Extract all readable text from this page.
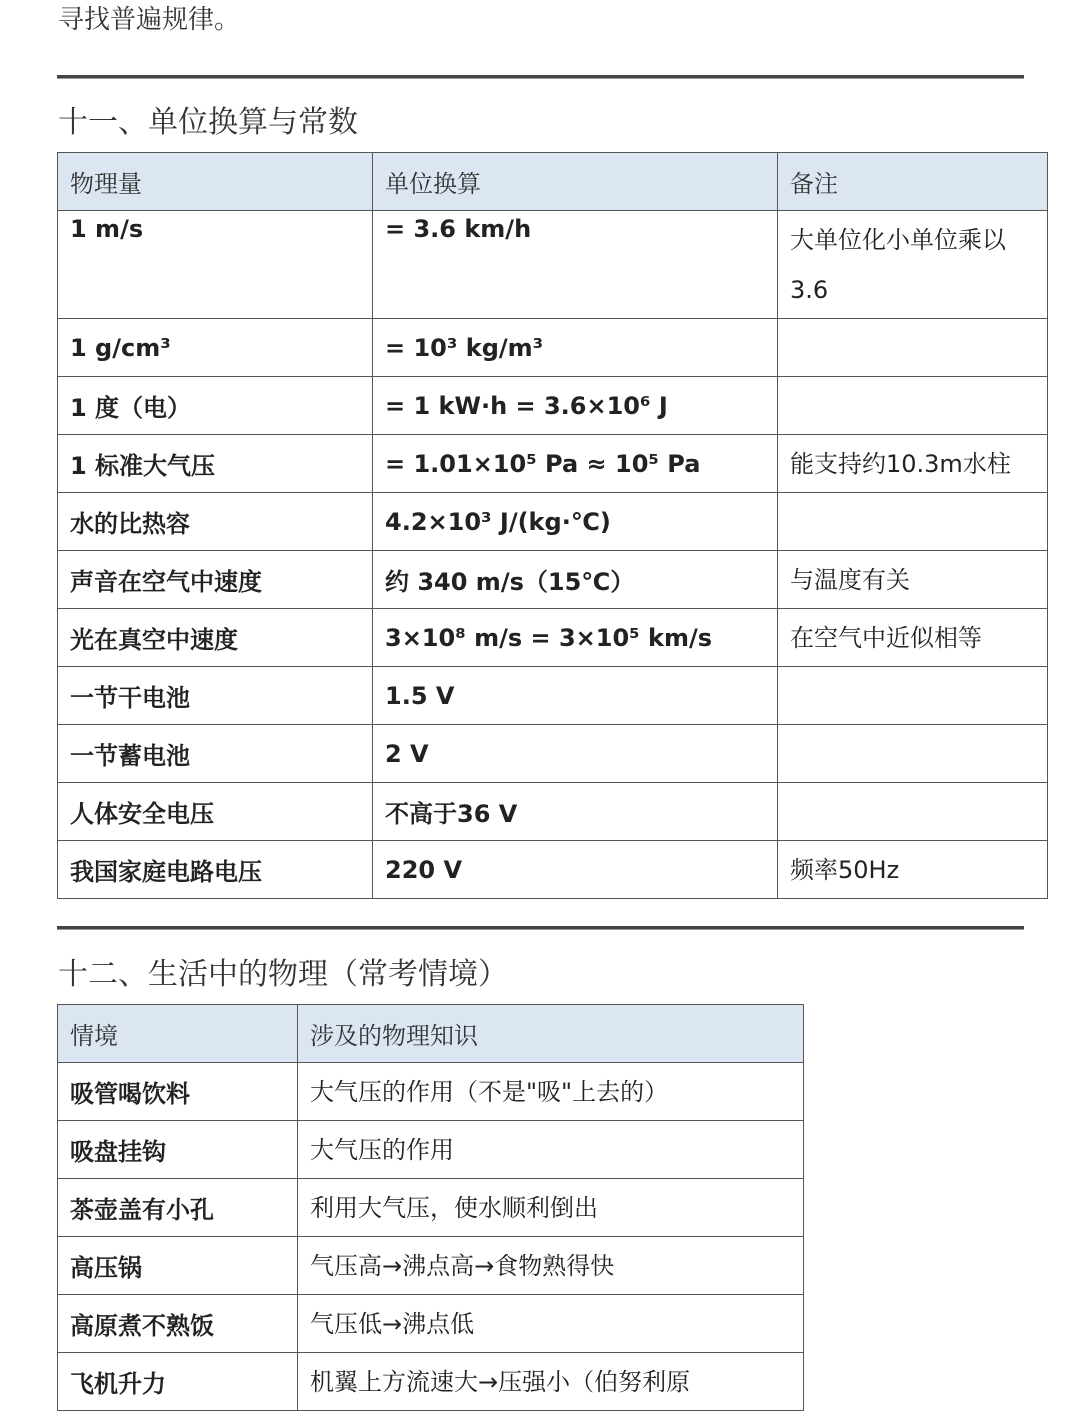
寻找普遍规律。
十一、单位换算与常数
物理量	单位换算	备注
1 m/s	= 3.6 km/h	大单位化小单位乘以3.6
1 g/cm³	= 10³ kg/m³	
1 度（电）	= 1 kW·h = 3.6×10⁶ J	
1 标准大气压	= 1.01×10⁵ Pa ≈ 10⁵ Pa	能支持约10.3m水柱
水的比热容	4.2×10³ J/(kg·℃)	
声音在空气中速度	约 340 m/s（15℃）	与温度有关
光在真空中速度	3×10⁸ m/s = 3×10⁵ km/s	在空气中近似相等
一节干电池	1.5 V	
一节蓄电池	2 V	
人体安全电压	不高于36 V	
我国家庭电路电压	220 V	频率50Hz
十二、生活中的物理（常考情境）
情境	涉及的物理知识
吸管喝饮料	大气压的作用（不是"吸"上去的）
吸盘挂钩	大气压的作用
茶壶盖有小孔	利用大气压，使水顺利倒出
高压锅	气压高→沸点高→食物熟得快
高原煮不熟饭	气压低→沸点低
飞机升力	机翼上方流速大→压强小（伯努利原
